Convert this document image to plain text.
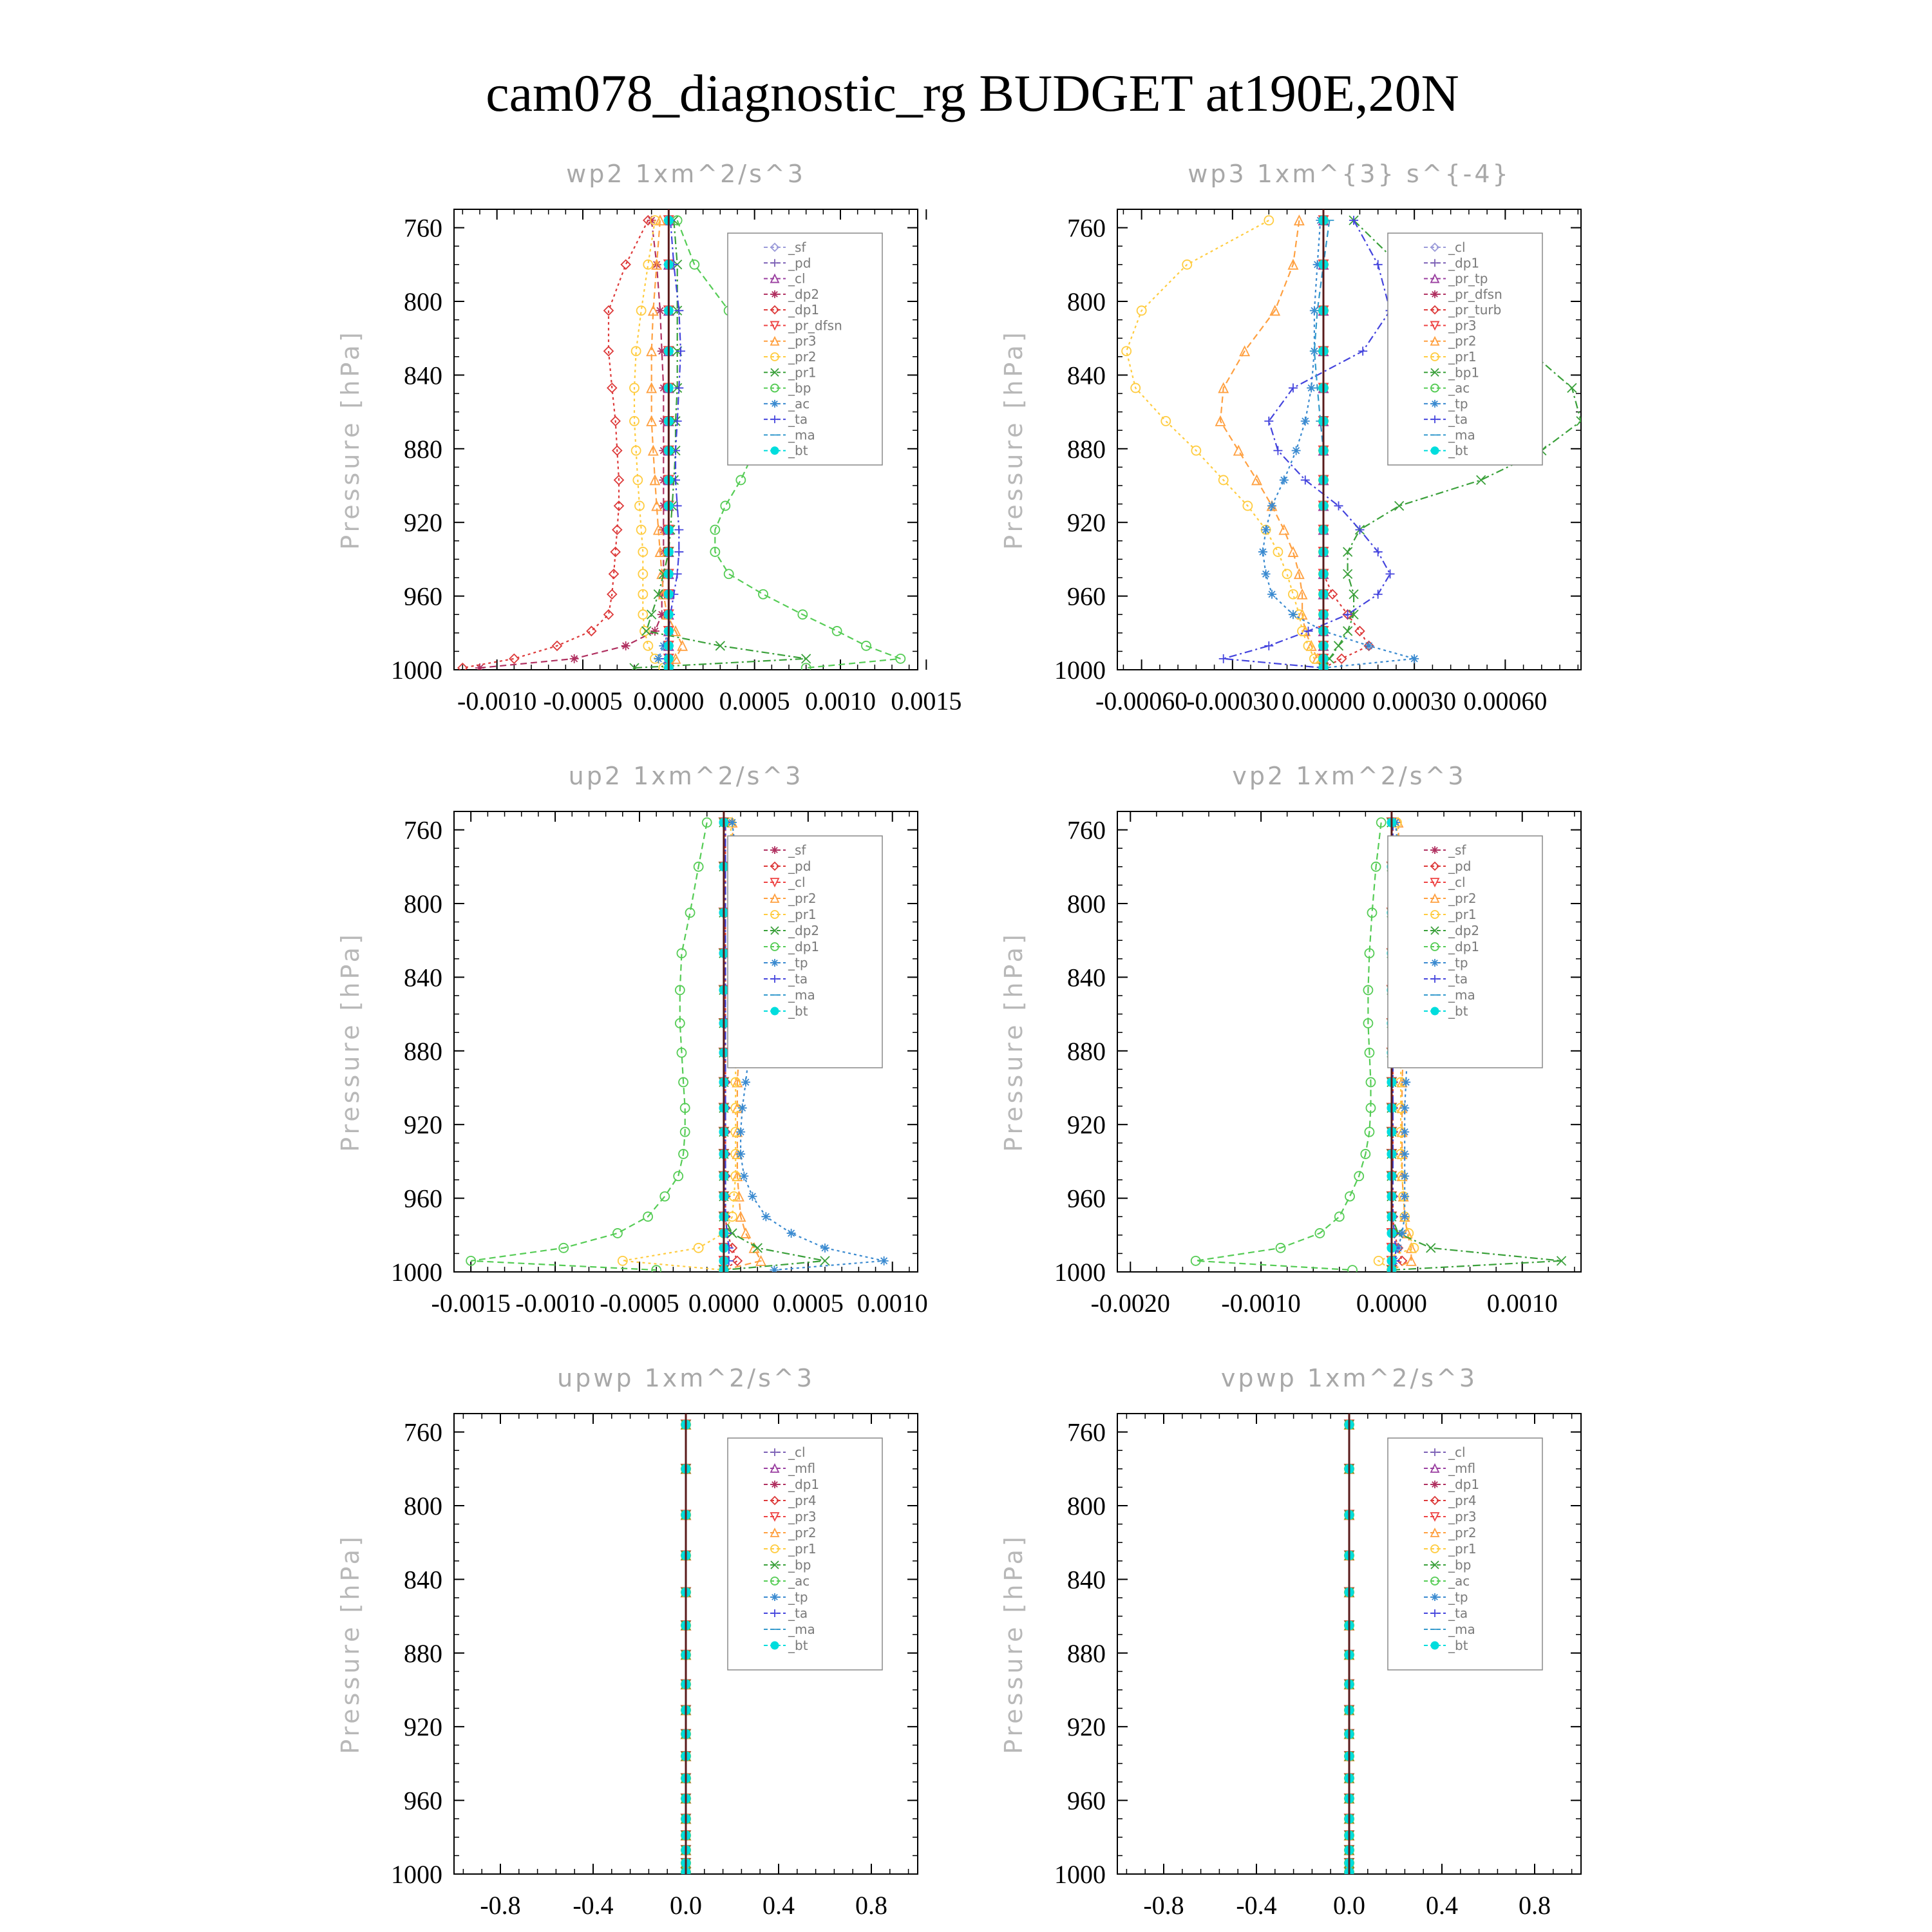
cam078_diagnostic_rg BUDGET at190E,20N
wp2 1xm^2/s^3
Pressure [hPa]
760
800
840
880
920
960
1000
-0.0010 -0.0005 0.0000 0.0005 0.0010 0.0015
_sf
_pd
_cl
_dp2
_dp1
_pr_dfsn
_pr3
_pr2
_pr1
_bp
_ac
_ta
_ma
_bt
wp3 1xm^{3} s^{-4}
Pressure [hPa]
760
800
840
880
920
960
1000
-0.00060
-0.00030 0.00000 0.00030 0.00060
_cl
_dp1
_pr_tp
_pr_dfsn
_pr_turb
_pr3
_pr2
_pr1
_bp1
_ac
_tp
_ta
_ma
_bt
up2 1xm^2/s^3
Pressure [hPa]
760
800
840
880
920
960
1000
-0.0015 -0.0010 -0.0005 0.0000 0.0005 0.0010
_sf
_pd
_cl
_pr2
_pr1
_dp2
_dp1
_tp
_ta
_ma
_bt
vp2 1xm^2/s^3
Pressure [hPa]
760
800
840
880
920
960
1000
-0.0020 -0.0010 0.0000 0.0010
_sf
_pd
_cl
_pr2
_pr1
_dp2
_dp1
_tp
_ta
_ma
_bt
upwp 1xm^2/s^3
Pressure [hPa]
760
800
840
880
920
960
1000
-0.8 -0.4 0.0 0.4 0.8
_cl
_mfl
_dp1
_pr4
_pr3
_pr2
_pr1
_bp
_ac
_tp
_ta
_ma
_bt
vpwp 1xm^2/s^3
Pressure [hPa]
760
800
840
880
920
960
1000
-0.8 -0.4 0.0 0.4 0.8
_cl
_mfl
_dp1
_pr4
_pr3
_pr2
_pr1
_bp
_ac
_tp
_ta
_ma
_bt
